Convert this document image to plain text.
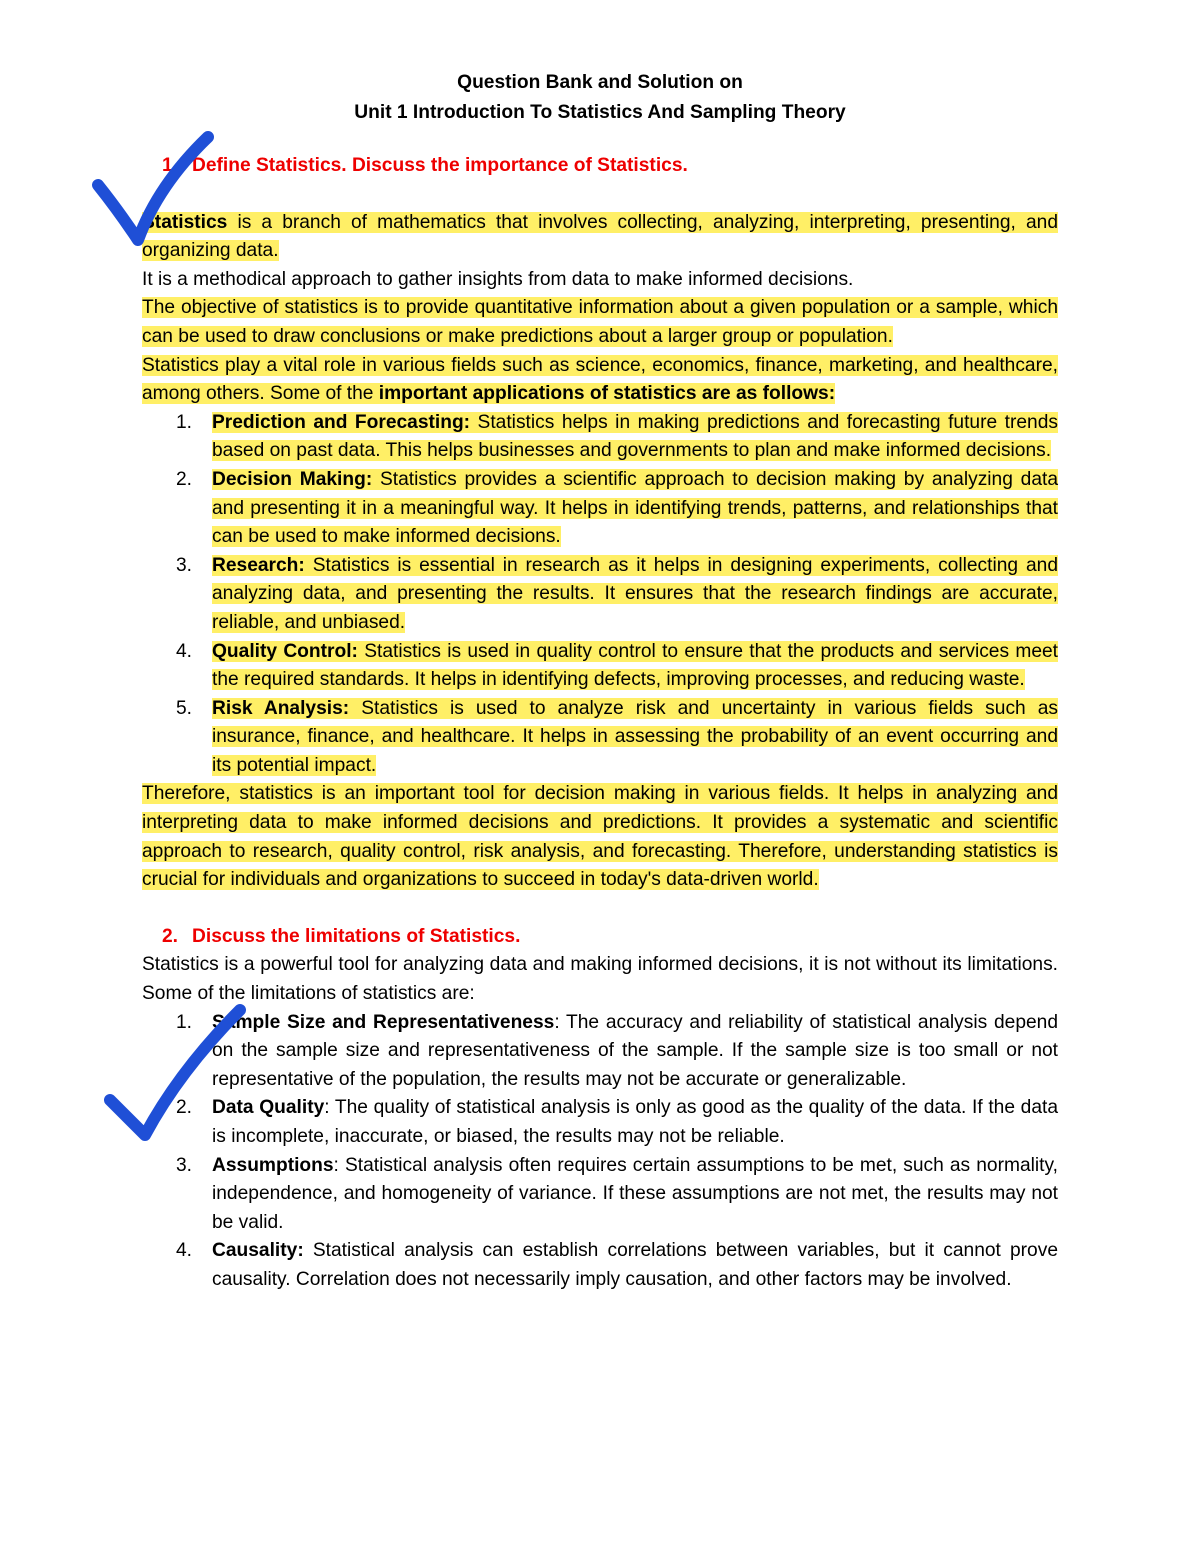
Question Bank and Solution on
Unit 1 Introduction To Statistics And Sampling Theory

1. Define Statistics. Discuss the importance of Statistics.

Statistics is a branch of mathematics that involves collecting, analyzing, interpreting, presenting, and organizing data.

It is a methodical approach to gather insights from data to make informed decisions.

The objective of statistics is to provide quantitative information about a given population or a sample, which can be used to draw conclusions or make predictions about a larger group or population.

Statistics play a vital role in various fields such as science, economics, finance, marketing, and healthcare, among others. Some of the important applications of statistics are as follows:

1. Prediction and Forecasting: Statistics helps in making predictions and forecasting future trends based on past data. This helps businesses and governments to plan and make informed decisions.
2. Decision Making: Statistics provides a scientific approach to decision making by analyzing data and presenting it in a meaningful way. It helps in identifying trends, patterns, and relationships that can be used to make informed decisions.
3. Research: Statistics is essential in research as it helps in designing experiments, collecting and analyzing data, and presenting the results. It ensures that the research findings are accurate, reliable, and unbiased.
4. Quality Control: Statistics is used in quality control to ensure that the products and services meet the required standards. It helps in identifying defects, improving processes, and reducing waste.
5. Risk Analysis: Statistics is used to analyze risk and uncertainty in various fields such as insurance, finance, and healthcare. It helps in assessing the probability of an event occurring and its potential impact.

Therefore, statistics is an important tool for decision making in various fields. It helps in analyzing and interpreting data to make informed decisions and predictions. It provides a systematic and scientific approach to research, quality control, risk analysis, and forecasting. Therefore, understanding statistics is crucial for individuals and organizations to succeed in today's data-driven world.

2. Discuss the limitations of Statistics.

Statistics is a powerful tool for analyzing data and making informed decisions, it is not without its limitations. Some of the limitations of statistics are:

1. Sample Size and Representativeness: The accuracy and reliability of statistical analysis depend on the sample size and representativeness of the sample. If the sample size is too small or not representative of the population, the results may not be accurate or generalizable.
2. Data Quality: The quality of statistical analysis is only as good as the quality of the data. If the data is incomplete, inaccurate, or biased, the results may not be reliable.
3. Assumptions: Statistical analysis often requires certain assumptions to be met, such as normality, independence, and homogeneity of variance. If these assumptions are not met, the results may not be valid.
4. Causality: Statistical analysis can establish correlations between variables, but it cannot prove causality. Correlation does not necessarily imply causation, and other factors may be involved.
